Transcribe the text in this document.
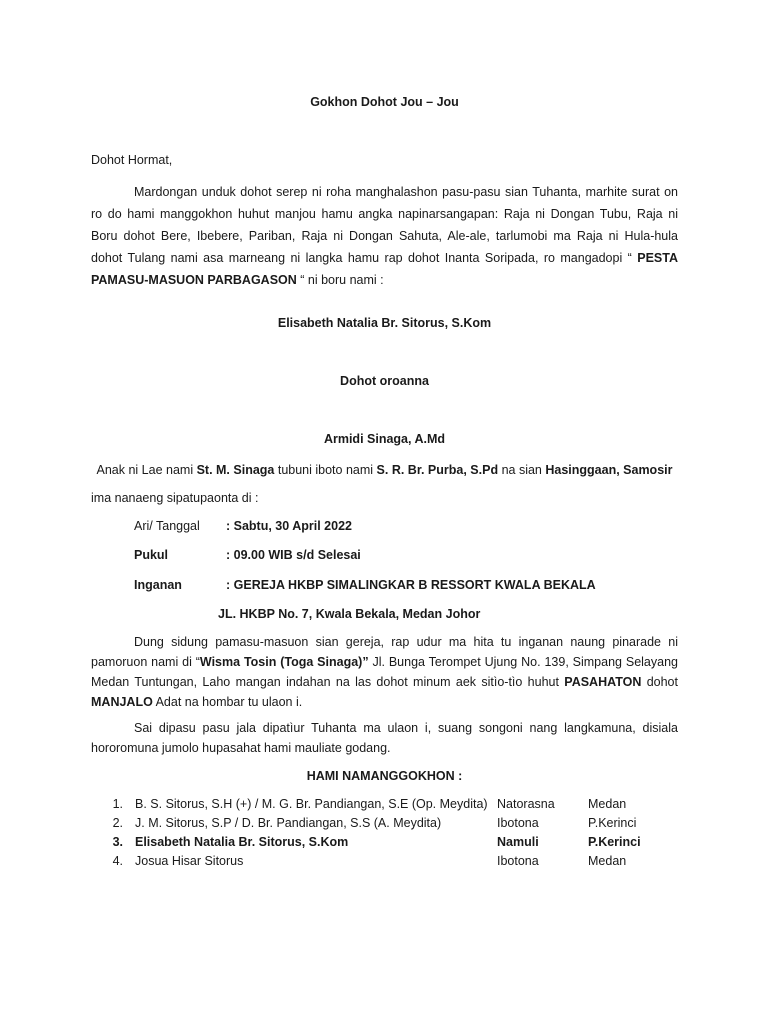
Gokhon Dohot Jou – Jou
Dohot Hormat,
Mardongan unduk dohot serep ni roha manghalashon pasu-pasu sian Tuhanta, marhite surat on
ro do hami manggokhon huhut manjou hamu angka napinarsangapan: Raja ni Dongan Tubu, Raja ni
Boru dohot Bere, Ibebere, Pariban, Raja ni Dongan Sahuta, Ale-ale, tarlumobi ma Raja ni Hula-hula
dohot Tulang nami asa marneang ni langka hamu rap dohot Inanta Soripada, ro mangadopi “ PESTA
PAMASU-MASUON PARBAGASON “ ni boru nami :
Elisabeth Natalia Br. Sitorus, S.Kom
Dohot oroanna
Armidi Sinaga, A.Md
Anak ni Lae nami St. M. Sinaga tubuni iboto nami S. R. Br. Purba, S.Pd na sian Hasinggaan, Samosir
ima nanaeng sipatupaonta di :
Ari/ Tanggal : Sabtu, 30 April 2022
Pukul	: 09.00 WIB s/d Selesai
Inganan	: GEREJA HKBP SIMALINGKAR B RESSORT KWALA BEKALA
JL. HKBP No. 7, Kwala Bekala, Medan Johor
Dung sidung pamasu-masuon sian gereja, rap udur ma hita tu inganan naung pinarade ni
pamoruon nami di “Wisma Tosin (Toga Sinaga)” Jl. Bunga Terompet Ujung No. 139, Simpang Selayang
Medan Tuntungan, Laho mangan indahan na las dohot minum aek sitìo-tìo huhut PASAHATON dohot
MANJALO Adat na hombar tu ulaon i.
Sai dipasu pasu jala dipatìur Tuhanta ma ulaon i, suang songoni nang langkamuna, disiala
hororomuna jumolo hupasahat hami mauliate godang.
HAMI NAMANGGOKHON :
1. B. S. Sitorus, S.H (+) / M. G. Br. Pandiangan, S.E (Op. Meydita) Natorasna	Medan
2. J. M. Sitorus, S.P / D. Br. Pandiangan, S.S (A. Meydita)	Ibotona	P.Kerinci
3. Elisabeth Natalia Br. Sitorus, S.Kom	Namuli	P.Kerinci
4. Josua Hisar Sitorus	Ibotona	Medan
